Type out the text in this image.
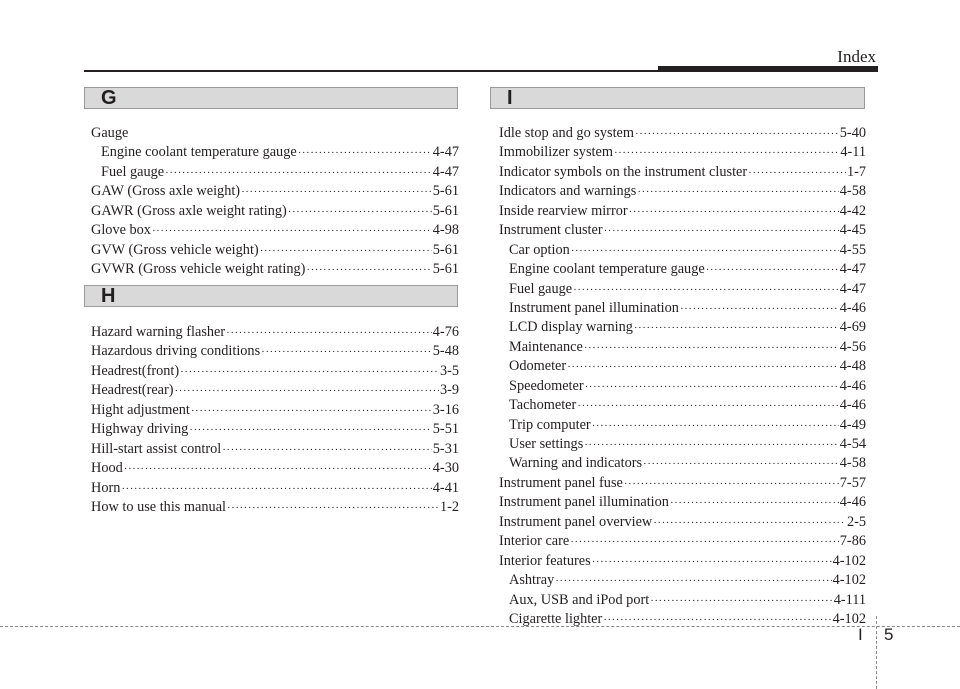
Index
G
Gauge
Engine coolant temperature gauge ·····	4-47
Fuel gauge ·····	4-47
GAW (Gross axle weight) ·····	5-61
GAWR (Gross axle weight rating) ·····	5-61
Glove box ·····	4-98
GVW (Gross vehicle weight) ·····	5-61
GVWR (Gross vehicle weight rating) ·····	5-61
H
Hazard warning flasher ·····	4-76
Hazardous driving conditions ·····	5-48
Headrest(front) ·····	3-5
Headrest(rear) ·····	3-9
Hight adjustment ·····	3-16
Highway driving ·····	5-51
Hill-start assist control ·····	5-31
Hood ·····	4-30
Horn ·····	4-41
How to use this manual ·····	1-2
I
Idle stop and go system ·····	5-40
Immobilizer system ·····	4-11
Indicator symbols on the instrument cluster ·····	1-7
Indicators and warnings ·····	4-58
Inside rearview mirror ·····	4-42
Instrument cluster ·····	4-45
Car option ·····	4-55
Engine coolant temperature gauge ·····	4-47
Fuel gauge ·····	4-47
Instrument panel illumination ·····	4-46
LCD display warning ·····	4-69
Maintenance ·····	4-56
Odometer ·····	4-48
Speedometer ·····	4-46
Tachometer ·····	4-46
Trip computer ·····	4-49
User settings ·····	4-54
Warning and indicators ·····	4-58
Instrument panel fuse ·····	7-57
Instrument panel illumination ·····	4-46
Instrument panel overview ·····	2-5
Interior care ·····	7-86
Interior features ·····	4-102
Ashtray ·····	4-102
Aux, USB and iPod port ·····	4-111
Cigarette lighter ·····	4-102
I 5
